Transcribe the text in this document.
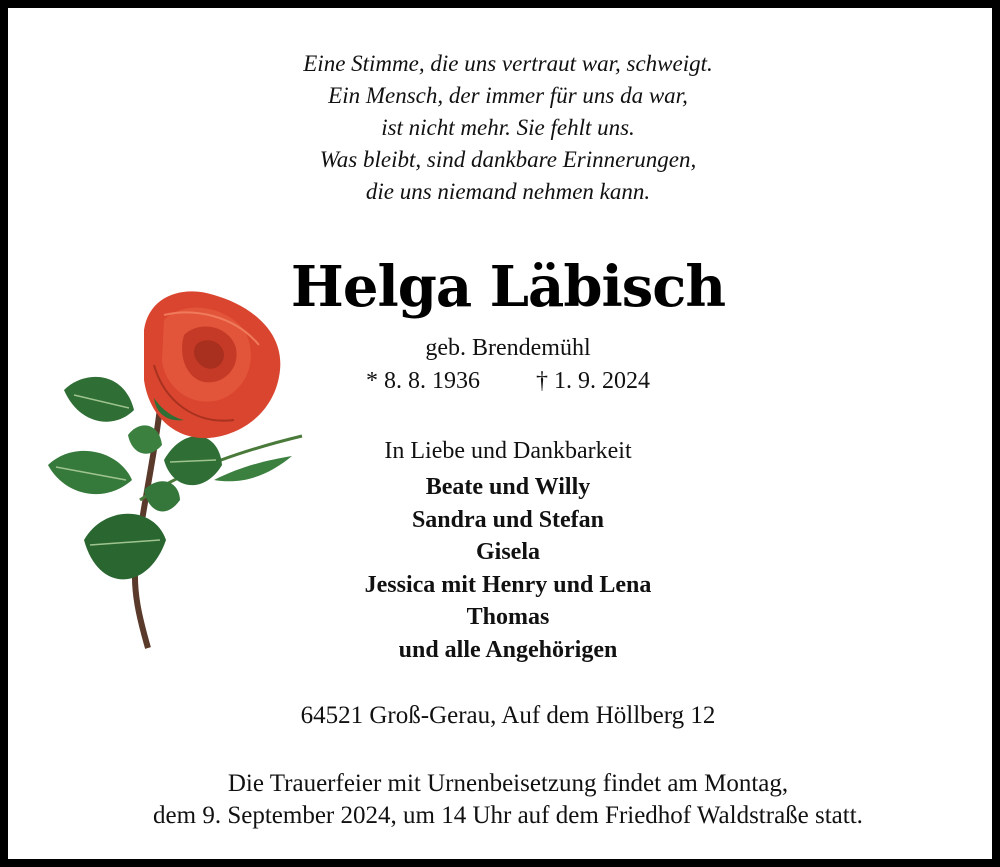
Eine Stimme, die uns vertraut war, schweigt.
Ein Mensch, der immer für uns da war,
ist nicht mehr. Sie fehlt uns.
Was bleibt, sind dankbare Erinnerungen,
die uns niemand nehmen kann.
Helga Läbisch
geb. Brendemühl
* 8. 8. 1936 † 1. 9. 2024
In Liebe und Dankbarkeit
Beate und Willy
Sandra und Stefan
Gisela
Jessica mit Henry und Lena
Thomas
und alle Angehörigen
64521 Groß-Gerau, Auf dem Höllberg 12
Die Trauerfeier mit Urnenbeisetzung findet am Montag,
dem 9. September 2024, um 14 Uhr auf dem Friedhof Waldstraße statt.
